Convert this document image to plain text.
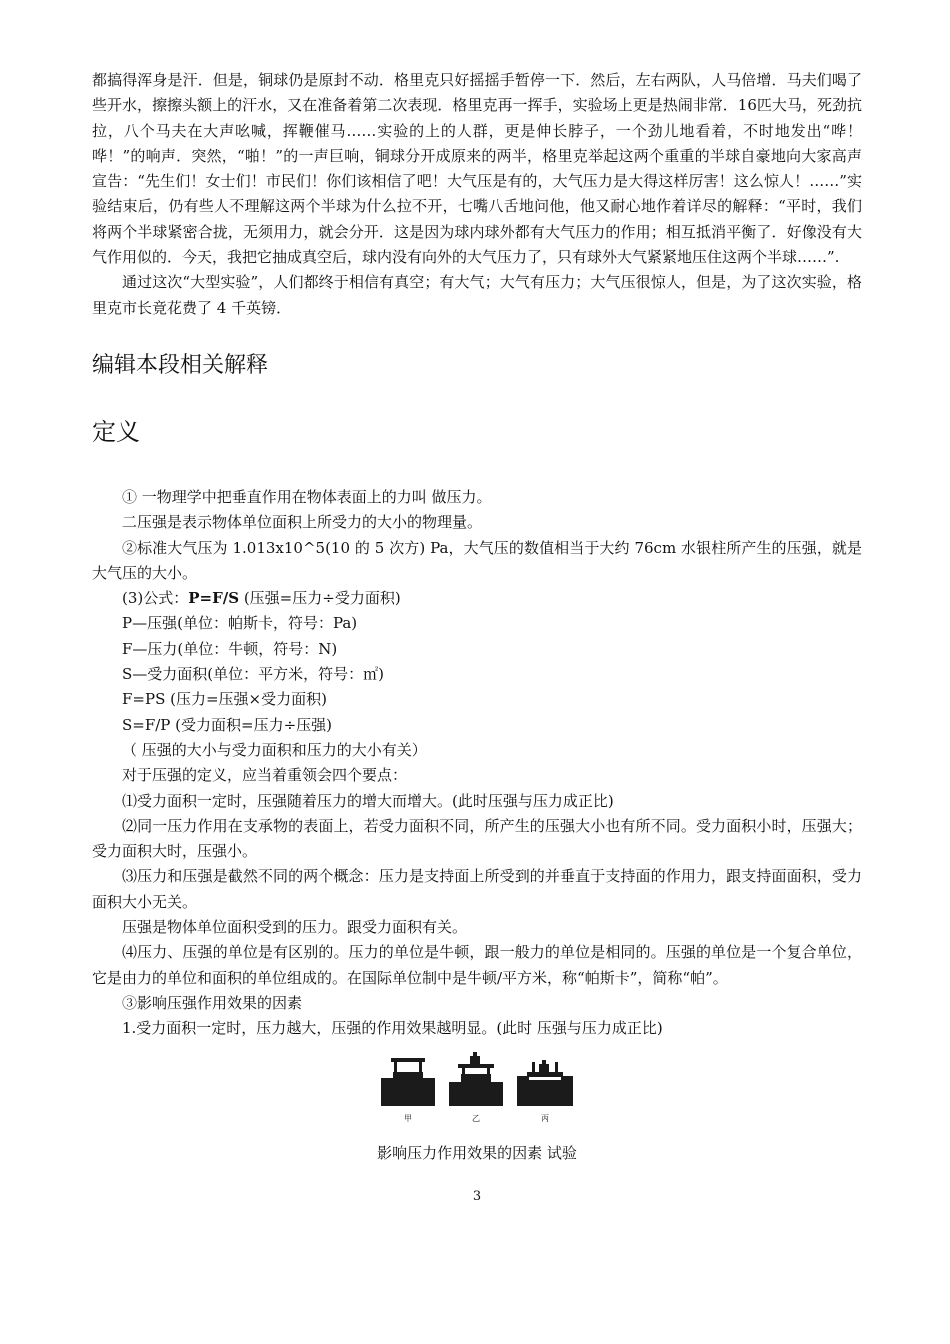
都搞得浑身是汗．但是，铜球仍是原封不动．格里克只好摇摇手暂停一下．然后，左右两队，人马倍增．马夫们喝了些开水，擦擦头额上的汗水，又在准备着第二次表现．格里克再一挥手，实验场上更是热闹非常．16匹大马，死劲抗拉，八个马夫在大声吆喊，挥鞭催马……实验的上的人群，更是伸长脖子，一个劲儿地看着，不时地发出“哗！哗！”的响声．突然，“啪！”的一声巨响，铜球分开成原来的两半，格里克举起这两个重重的半球自豪地向大家高声宣告：“先生们！女士们！市民们！你们该相信了吧！大气压是有的，大气压力是大得这样厉害！这么惊人！……”实验结束后，仍有些人不理解这两个半球为什么拉不开，七嘴八舌地问他，他又耐心地作着详尽的解释：“平时，我们将两个半球紧密合拢，无须用力，就会分开．这是因为球内球外都有大气压力的作用；相互抵消平衡了．好像没有大气作用似的．今天，我把它抽成真空后，球内没有向外的大气压力了，只有球外大气紧紧地压住这两个半球……”.

通过这次“大型实验”，人们都终于相信有真空；有大气；大气有压力；大气压很惊人，但是，为了这次实验，格里克市长竟花费了 4 千英镑．

编辑本段相关解释
定义

① 一物理学中把垂直作用在物体表面上的力叫 做压力。

二压强是表示物体单位面积上所受力的大小的物理量。

②标准大气压为 1.013x10^5(10 的 5 次方) Pa，大气压的数值相当于大约 76cm 水银柱所产生的压强，就是大气压的大小。

(3)公式：P=F/S (压强=压力÷受力面积)

P—压强(单位：帕斯卡，符号：Pa)

F—压力(单位：牛顿，符号：N)

S—受力面积(单位：平方米，符号：㎡)

F=PS (压力=压强×受力面积)

S=F/P (受力面积=压力÷压强)

（ 压强的大小与受力面积和压力的大小有关）

对于压强的定义，应当着重领会四个要点：

⑴受力面积一定时，压强随着压力的增大而增大。(此时压强与压力成正比)

⑵同一压力作用在支承物的表面上，若受力面积不同，所产生的压强大小也有所不同。受力面积小时，压强大；受力面积大时，压强小。

⑶压力和压强是截然不同的两个概念：压力是支持面上所受到的并垂直于支持面的作用力，跟支持面面积，受力面积大小无关。

压强是物体单位面积受到的压力。跟受力面积有关。

⑷压力、压强的单位是有区别的。压力的单位是牛顿，跟一般力的单位是相同的。压强的单位是一个复合单位，它是由力的单位和面积的单位组成的。在国际单位制中是牛顿/平方米，称“帕斯卡”，简称“帕”。

③影响压强作用效果的因素

1.受力面积一定时，压力越大，压强的作用效果越明显。(此时 压强与压力成正比)

甲	乙	丙
影响压力作用效果的因素 试验
3
